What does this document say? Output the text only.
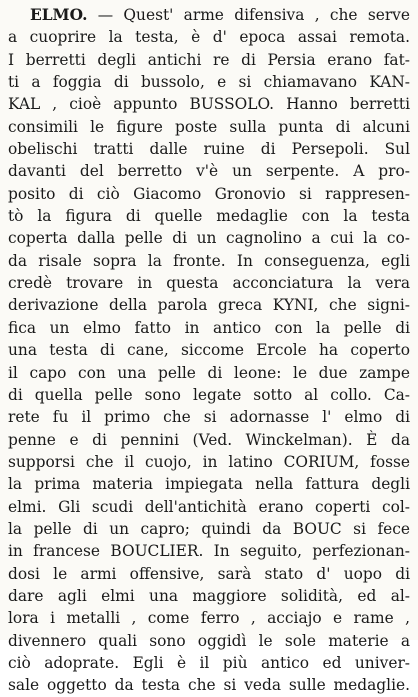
ELMO. — Quest' arme difensiva , che serve
a cuoprire la testa, è d' epoca assai remota.
I berretti degli antichi re di Persia erano fat-
ti a foggia di bussolo, e si chiamavano KAN-
KAL , cioè appunto BUSSOLO. Hanno berretti
consimili le figure poste sulla punta di alcuni
obelischi tratti dalle ruine di Persepoli. Sul
davanti del berretto v'è un serpente. A pro-
posito di ciò Giacomo Gronovio si rappresen-
tò la figura di quelle medaglie con la testa
coperta dalla pelle di un cagnolino a cui la co-
da risale sopra la fronte. In conseguenza, egli
credè trovare in questa acconciatura la vera
derivazione della parola greca KYNI, che signi-
fica un elmo fatto in antico con la pelle di
una testa di cane, siccome Ercole ha coperto
il capo con una pelle di leone: le due zampe
di quella pelle sono legate sotto al collo. Ca-
rete fu il primo che si adornasse l' elmo di
penne e di pennini (Ved. Winckelman). È da
supporsi che il cuojo, in latino CORIUM, fosse
la prima materia impiegata nella fattura degli
elmi. Gli scudi dell'antichità erano coperti col-
la pelle di un capro; quindi da BOUC si fece
in francese BOUCLIER. In seguito, perfezionan-
dosi le armi offensive, sarà stato d' uopo di
dare agli elmi una maggiore solidità, ed al-
lora i metalli , come ferro , acciajo e rame ,
divennero quali sono oggidì le sole materie a
ciò adoprate. Egli è il più antico ed univer-
sale oggetto da testa che si veda sulle medaglie.
